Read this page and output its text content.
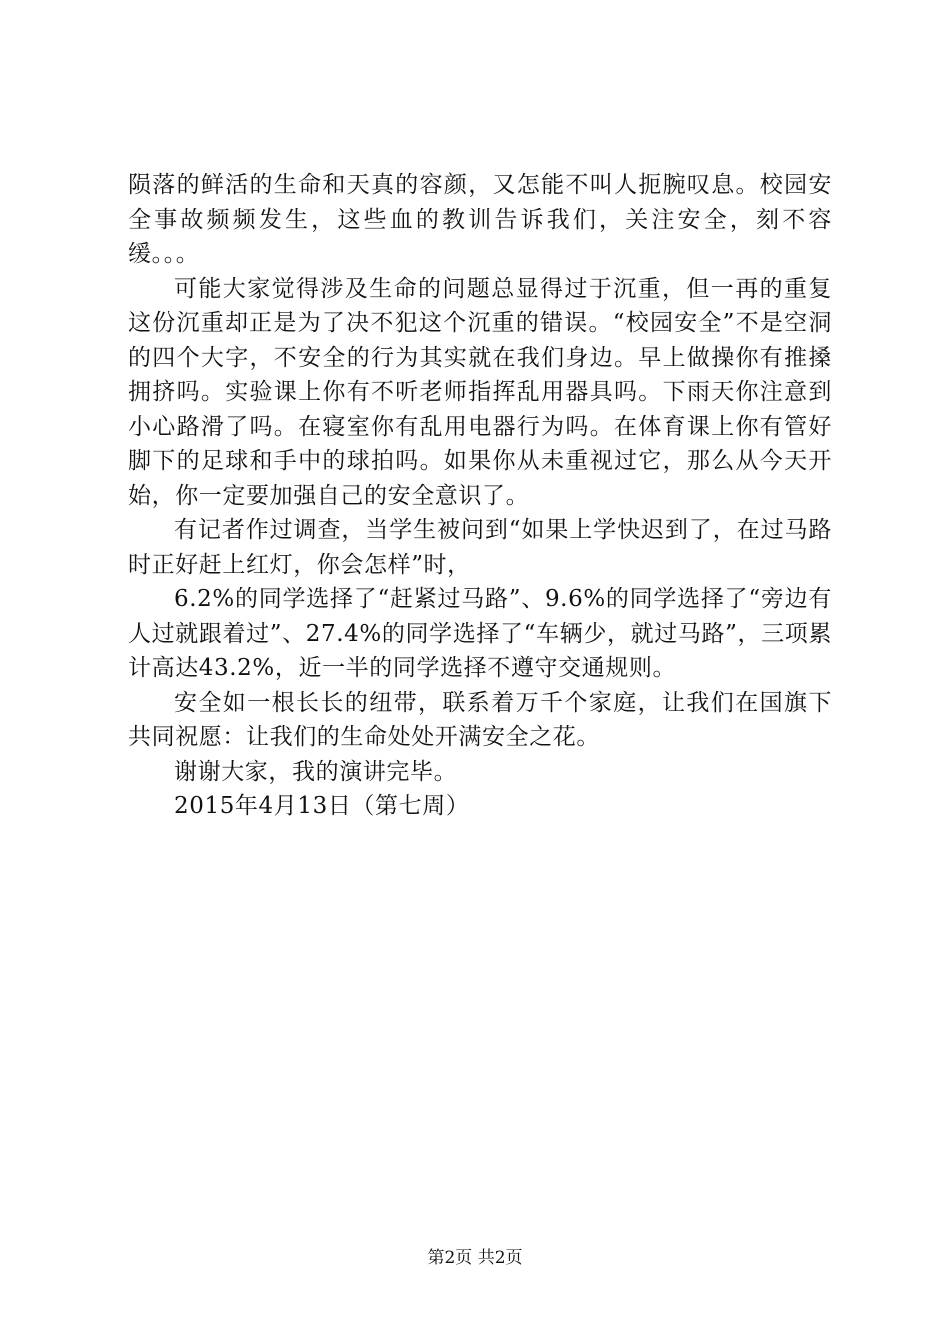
陨落的鲜活的生命和天真的容颜，又怎能不叫人扼腕叹息。校园安全事故频频发生，这些血的教训告诉我们，关注安全，刻不容缓。。。

可能大家觉得涉及生命的问题总显得过于沉重，但一再的重复这份沉重却正是为了决不犯这个沉重的错误。“校园安全”不是空洞的四个大字，不安全的行为其实就在我们身边。早上做操你有推搡拥挤吗。实验课上你有不听老师指挥乱用器具吗。下雨天你注意到小心路滑了吗。在寝室你有乱用电器行为吗。在体育课上你有管好脚下的足球和手中的球拍吗。如果你从未重视过它，那么从今天开始，你一定要加强自己的安全意识了。

有记者作过调查，当学生被问到“如果上学快迟到了，在过马路时正好赶上红灯，你会怎样”时，

6.2%的同学选择了“赶紧过马路”、9.6%的同学选择了“旁边有人过就跟着过”、27.4%的同学选择了“车辆少，就过马路”，三项累计高达43.2%，近一半的同学选择不遵守交通规则。

安全如一根长长的纽带，联系着万千个家庭，让我们在国旗下共同祝愿：让我们的生命处处开满安全之花。

谢谢大家，我的演讲完毕。

2015年4月13日（第七周）

第2页 共2页
